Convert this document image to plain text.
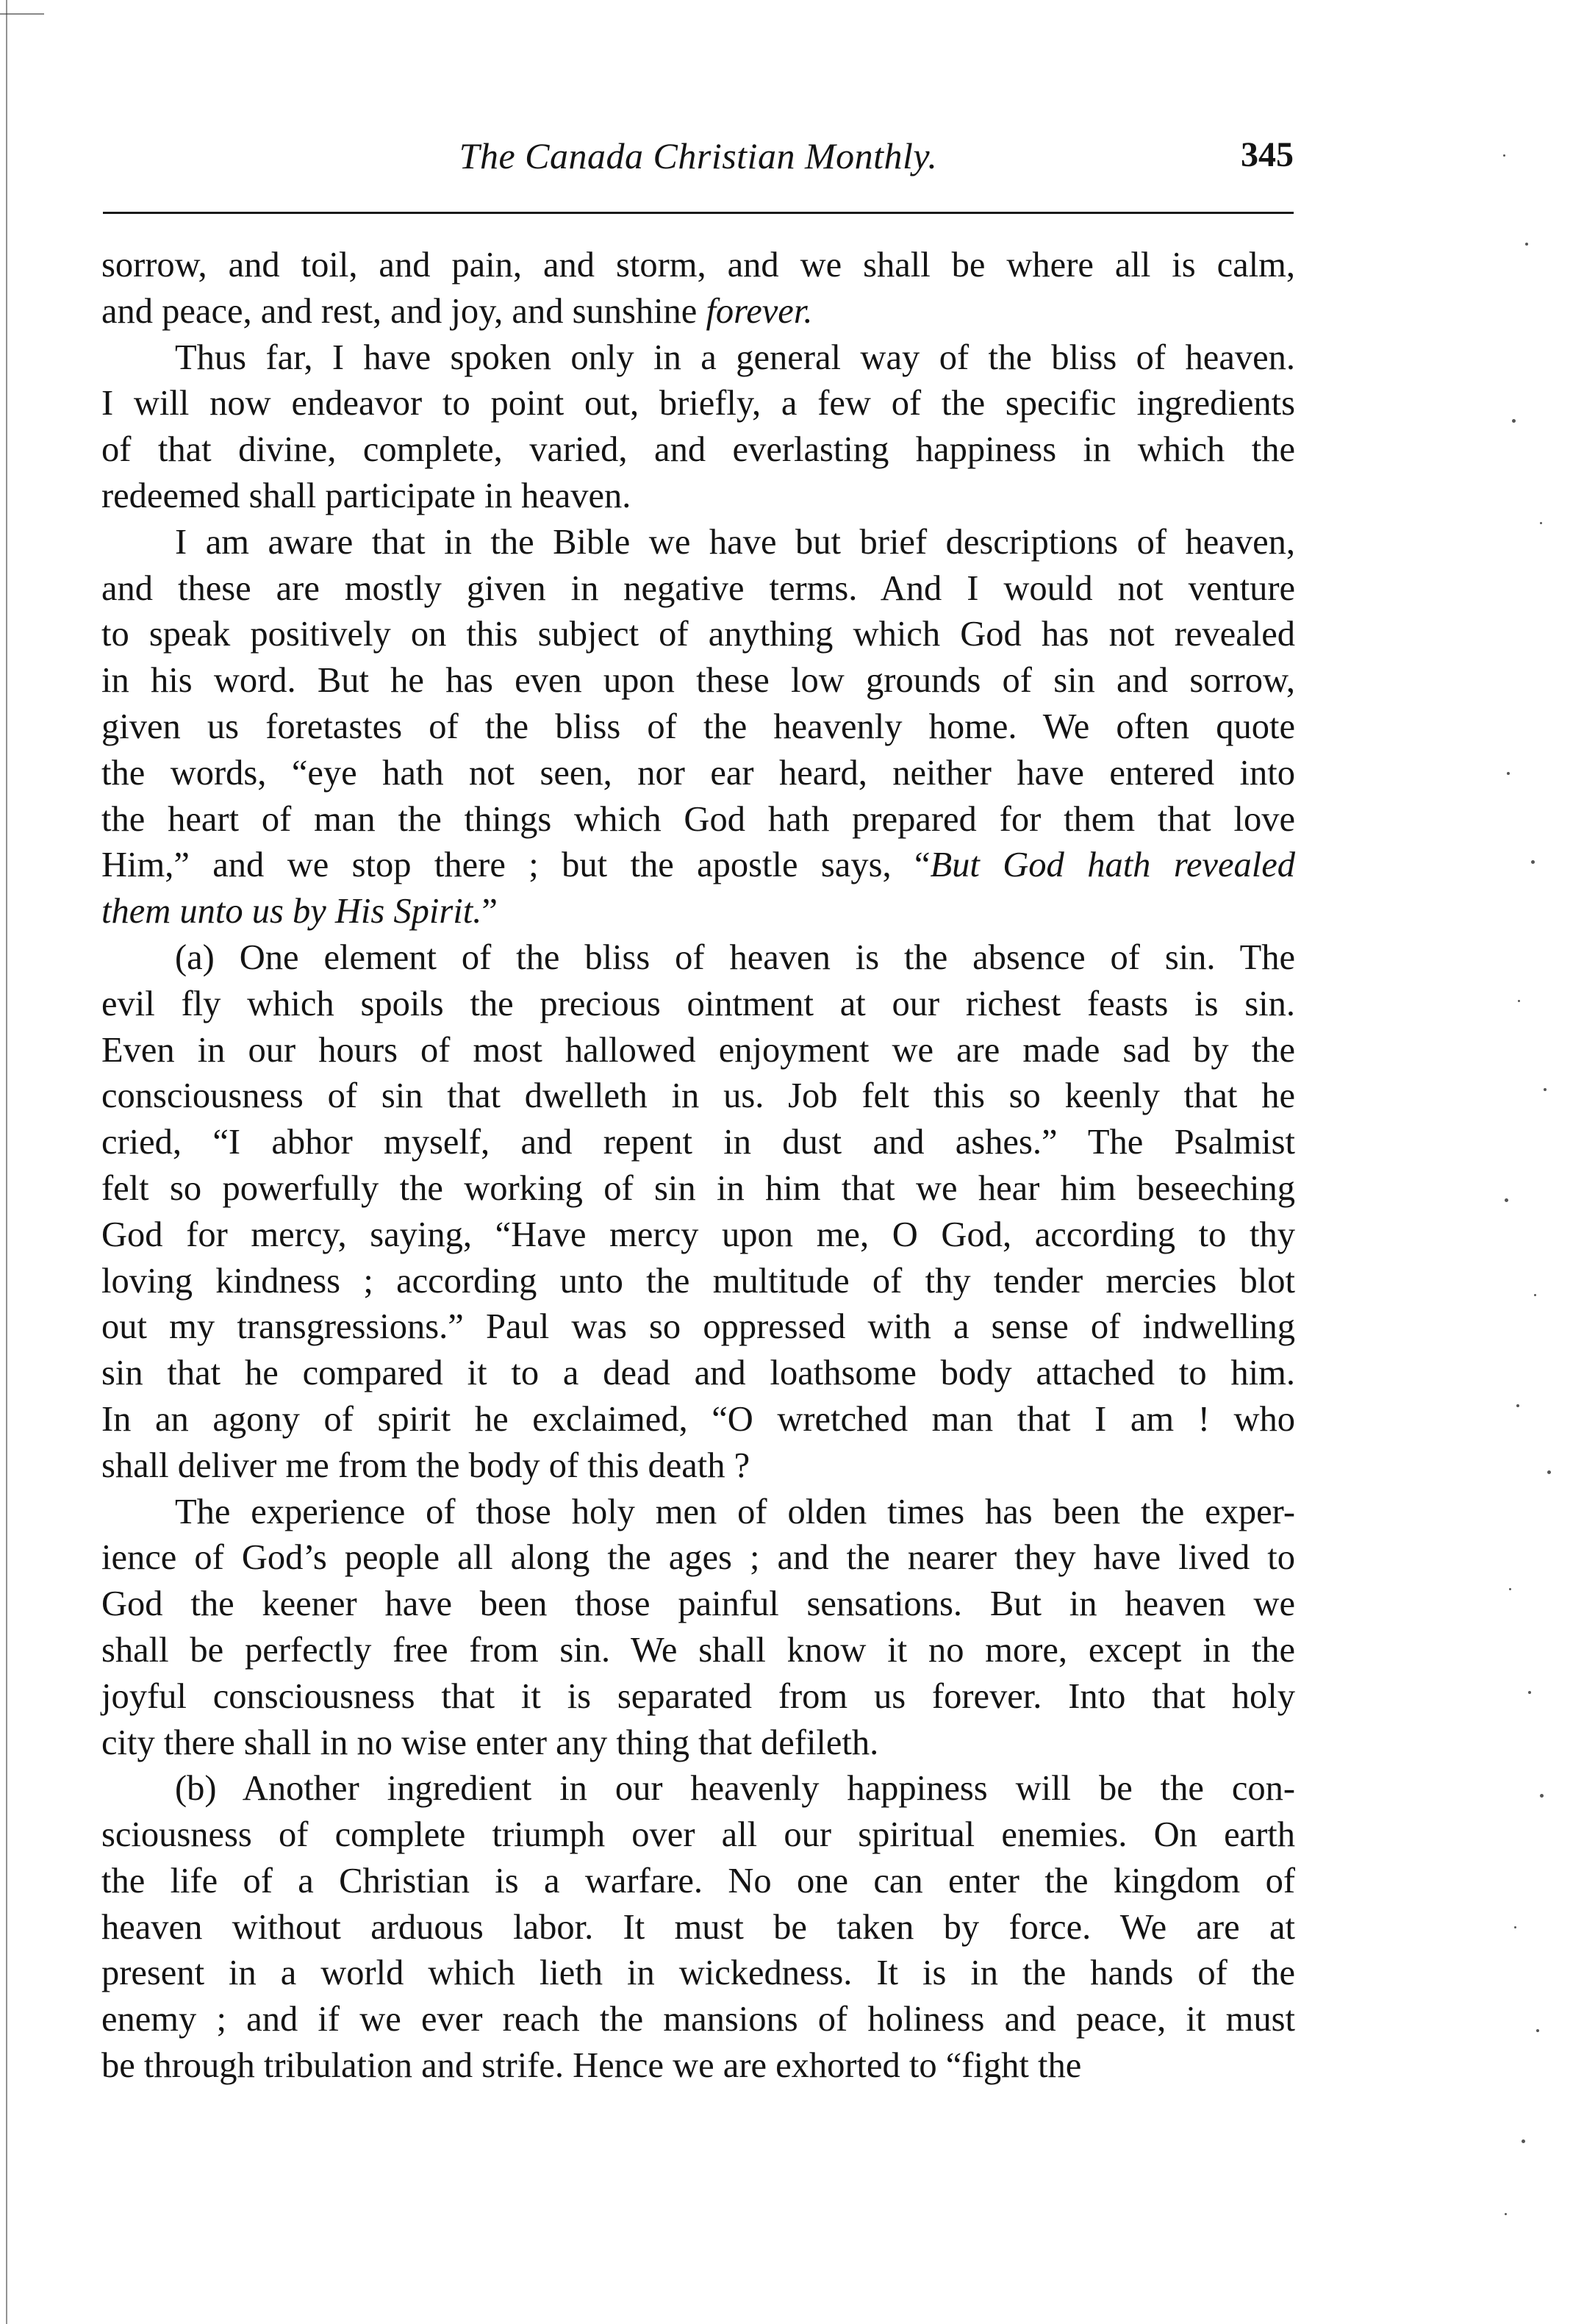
The Canada Christian Monthly.	345

sorrow, and toil, and pain, and storm, and we shall be where all is calm,
and peace, and rest, and joy, and sunshine forever.

Thus far, I have spoken only in a general way of the bliss of heaven.
I will now endeavor to point out, briefly, a few of the specific ingredients
of that divine, complete, varied, and everlasting happiness in which the
redeemed shall participate in heaven.

I am aware that in the Bible we have but brief descriptions of heaven,
and these are mostly given in negative terms. And I would not venture
to speak positively on this subject of anything which God has not revealed
in his word. But he has even upon these low grounds of sin and sorrow,
given us foretastes of the bliss of the heavenly home. We often quote
the words, “eye hath not seen, nor ear heard, neither have entered into
the heart of man the things which God hath prepared for them that love
Him,” and we stop there ; but the apostle says, “But God hath revealed
them unto us by His Spirit.”

(a) One element of the bliss of heaven is the absence of sin. The
evil fly which spoils the precious ointment at our richest feasts is sin.
Even in our hours of most hallowed enjoyment we are made sad by the
consciousness of sin that dwelleth in us. Job felt this so keenly that he
cried, “I abhor myself, and repent in dust and ashes.” The Psalmist
felt so powerfully the working of sin in him that we hear him beseeching
God for mercy, saying, “Have mercy upon me, O God, according to thy
loving kindness ; according unto the multitude of thy tender mercies blot
out my transgressions.” Paul was so oppressed with a sense of indwelling
sin that he compared it to a dead and loathsome body attached to him.
In an agony of spirit he exclaimed, “O wretched man that I am ! who
shall deliver me from the body of this death ?

The experience of those holy men of olden times has been the exper-
ience of God’s people all along the ages ; and the nearer they have lived to
God the keener have been those painful sensations. But in heaven we
shall be perfectly free from sin. We shall know it no more, except in the
joyful consciousness that it is separated from us forever. Into that holy
city there shall in no wise enter any thing that defileth.

(b) Another ingredient in our heavenly happiness will be the con-
sciousness of complete triumph over all our spiritual enemies. On earth
the life of a Christian is a warfare. No one can enter the kingdom of
heaven without arduous labor. It must be taken by force. We are at
present in a world which lieth in wickedness. It is in the hands of the
enemy ; and if we ever reach the mansions of holiness and peace, it must
be through tribulation and strife. Hence we are exhorted to “fight the
